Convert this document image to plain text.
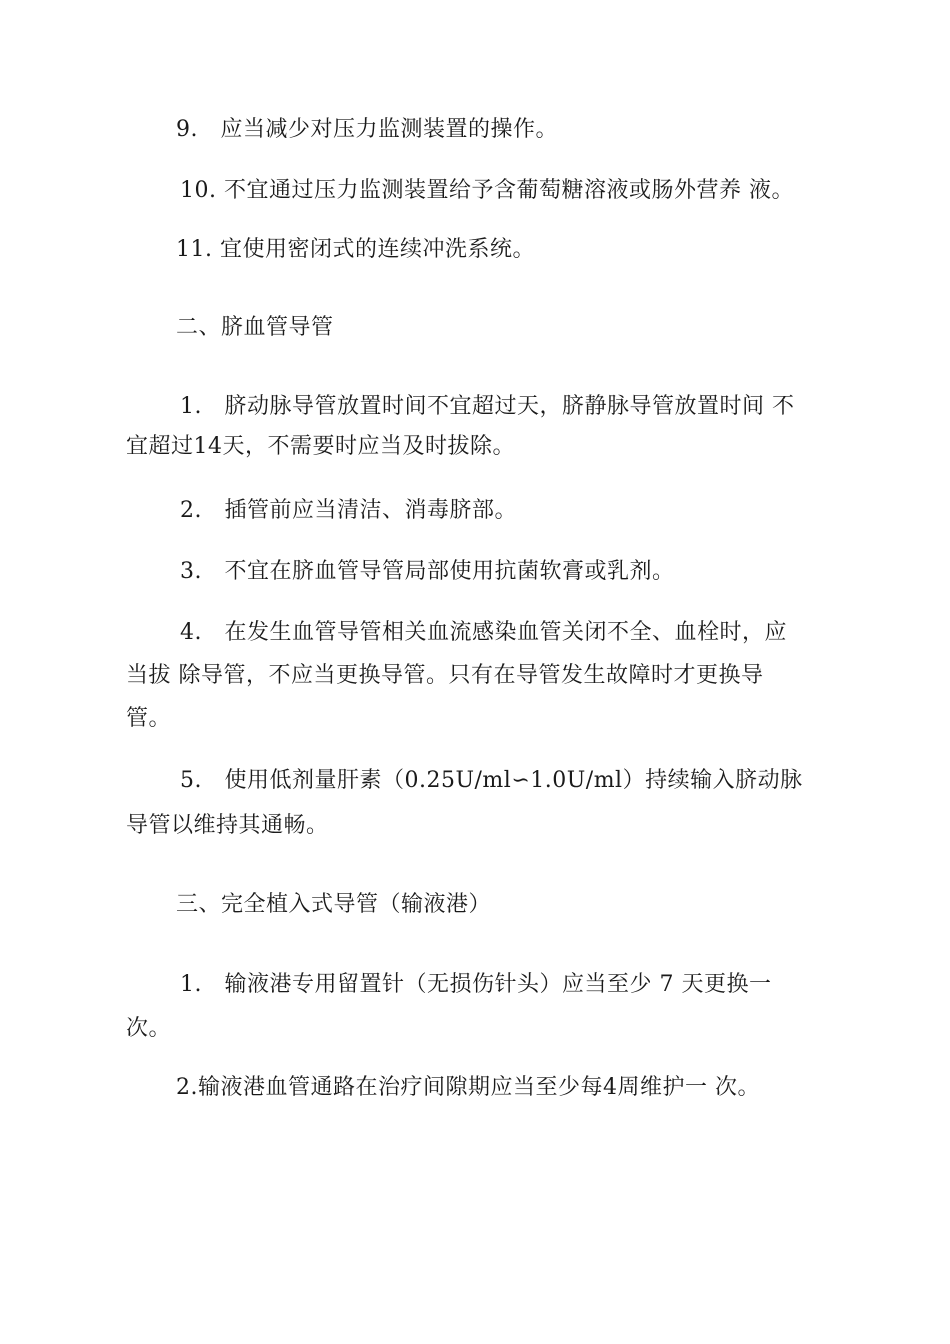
9.　应当减少对压力监测装置的操作。
10. 不宜通过压力监测装置给予含葡萄糖溶液或肠外营养 液。
11. 宜使用密闭式的连续冲洗系统。
二、脐血管导管
1.　脐动脉导管放置时间不宜超过天，脐静脉导管放置时间 不
宜超过14天，不需要时应当及时拔除。
2.　插管前应当清洁、消毒脐部。
3.　不宜在脐血管导管局部使用抗菌软膏或乳剂。
4.　在发生血管导管相关血流感染血管关闭不全、血栓时，应
当拔 除导管，不应当更换导管。只有在导管发生故障时才更换导
管。
5.　使用低剂量肝素（0.25U/ml∽1.0U/ml）持续输入脐动脉
导管以维持其通畅。
三、完全植入式导管（输液港）
1.　输液港专用留置针（无损伤针头）应当至少 7 天更换一
次。
2.输液港血管通路在治疗间隙期应当至少每4周维护一 次。
